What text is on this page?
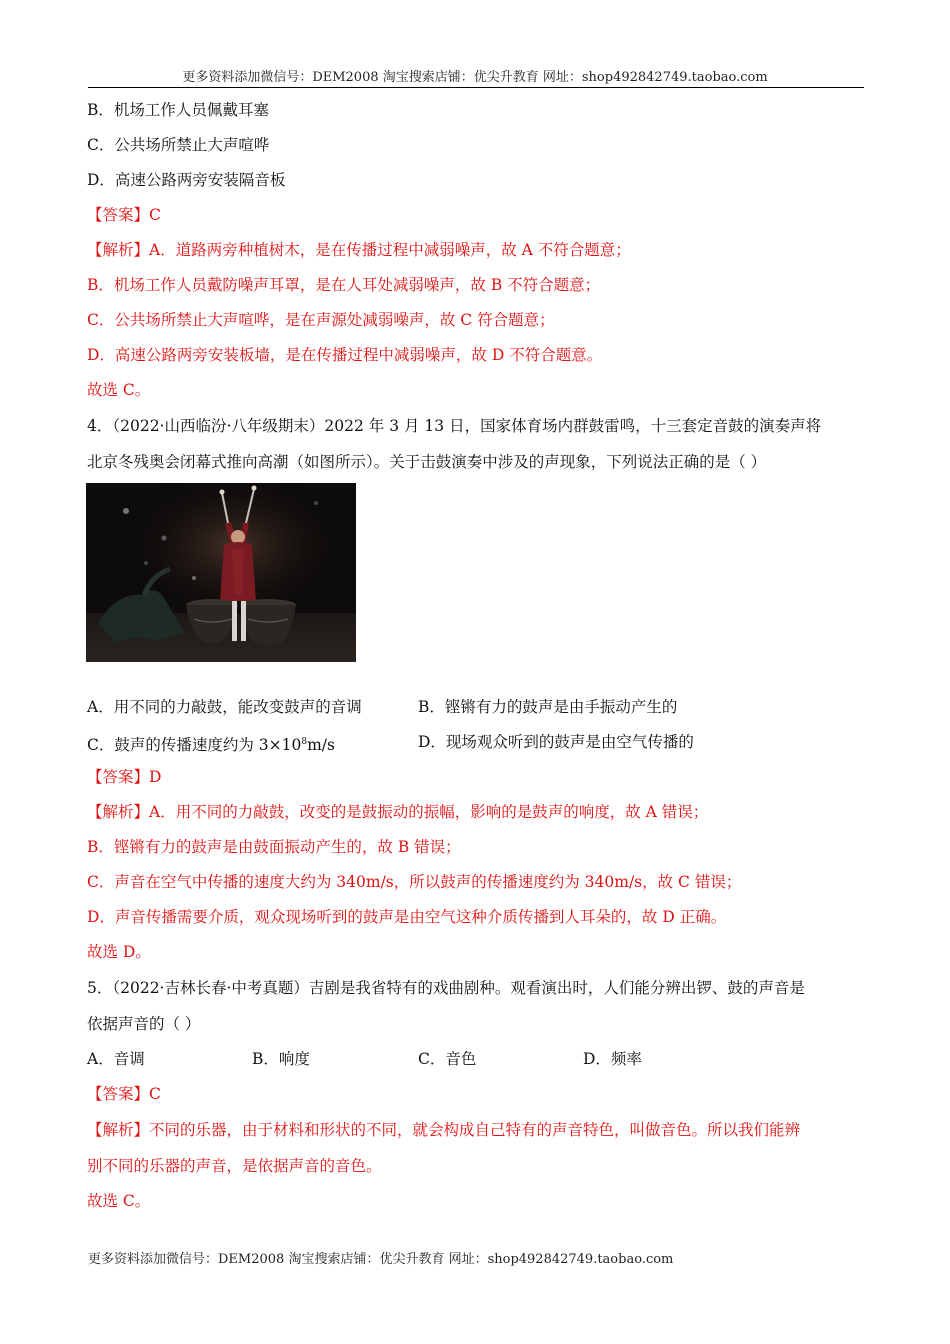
更多资料添加微信号：DEM2008 淘宝搜索店铺：优尖升教育 网址：shop492842749.taobao.com
B．机场工作人员佩戴耳塞
C．公共场所禁止大声喧哗
D．高速公路两旁安装隔音板
【答案】C
【解析】A．道路两旁种植树木，是在传播过程中减弱噪声，故 A 不符合题意；
B．机场工作人员戴防噪声耳罩，是在人耳处减弱噪声，故 B 不符合题意；
C．公共场所禁止大声喧哗，是在声源处减弱噪声，故 C 符合题意；
D．高速公路两旁安装板墙，是在传播过程中减弱噪声，故 D 不符合题意。
故选 C。
4．（2022·山西临汾·八年级期末）2022 年 3 月 13 日，国家体育场内群鼓雷鸣，十三套定音鼓的演奏声将
北京冬残奥会闭幕式推向高潮（如图所示）。关于击鼓演奏中涉及的声现象，下列说法正确的是（ ）
A．用不同的力敲鼓，能改变鼓声的音调	B．铿锵有力的鼓声是由手振动产生的
C．鼓声的传播速度约为 $3\times 10^8m/s$	D．现场观众听到的鼓声是由空气传播的
【答案】D
【解析】A．用不同的力敲鼓，改变的是鼓振动的振幅，影响的是鼓声的响度，故 A 错误；
B．铿锵有力的鼓声是由鼓面振动产生的，故 B 错误；
C．声音在空气中传播的速度大约为 340m/s，所以鼓声的传播速度约为 340m/s，故 C 错误；
D．声音传播需要介质，观众现场听到的鼓声是由空气这种介质传播到人耳朵的，故 D 正确。
故选 D。
5．（2022·吉林长春·中考真题）吉剧是我省特有的戏曲剧种。观看演出时，人们能分辨出锣、鼓的声音是
依据声音的（ ）
A．音调	B．响度	C．音色	D．频率
【答案】C
【解析】不同的乐器，由于材料和形状的不同，就会构成自己特有的声音特色，叫做音色。所以我们能辨
别不同的乐器的声音，是依据声音的音色。
故选 C。
更多资料添加微信号：DEM2008 淘宝搜索店铺：优尖升教育 网址：shop492842749.taobao.com
